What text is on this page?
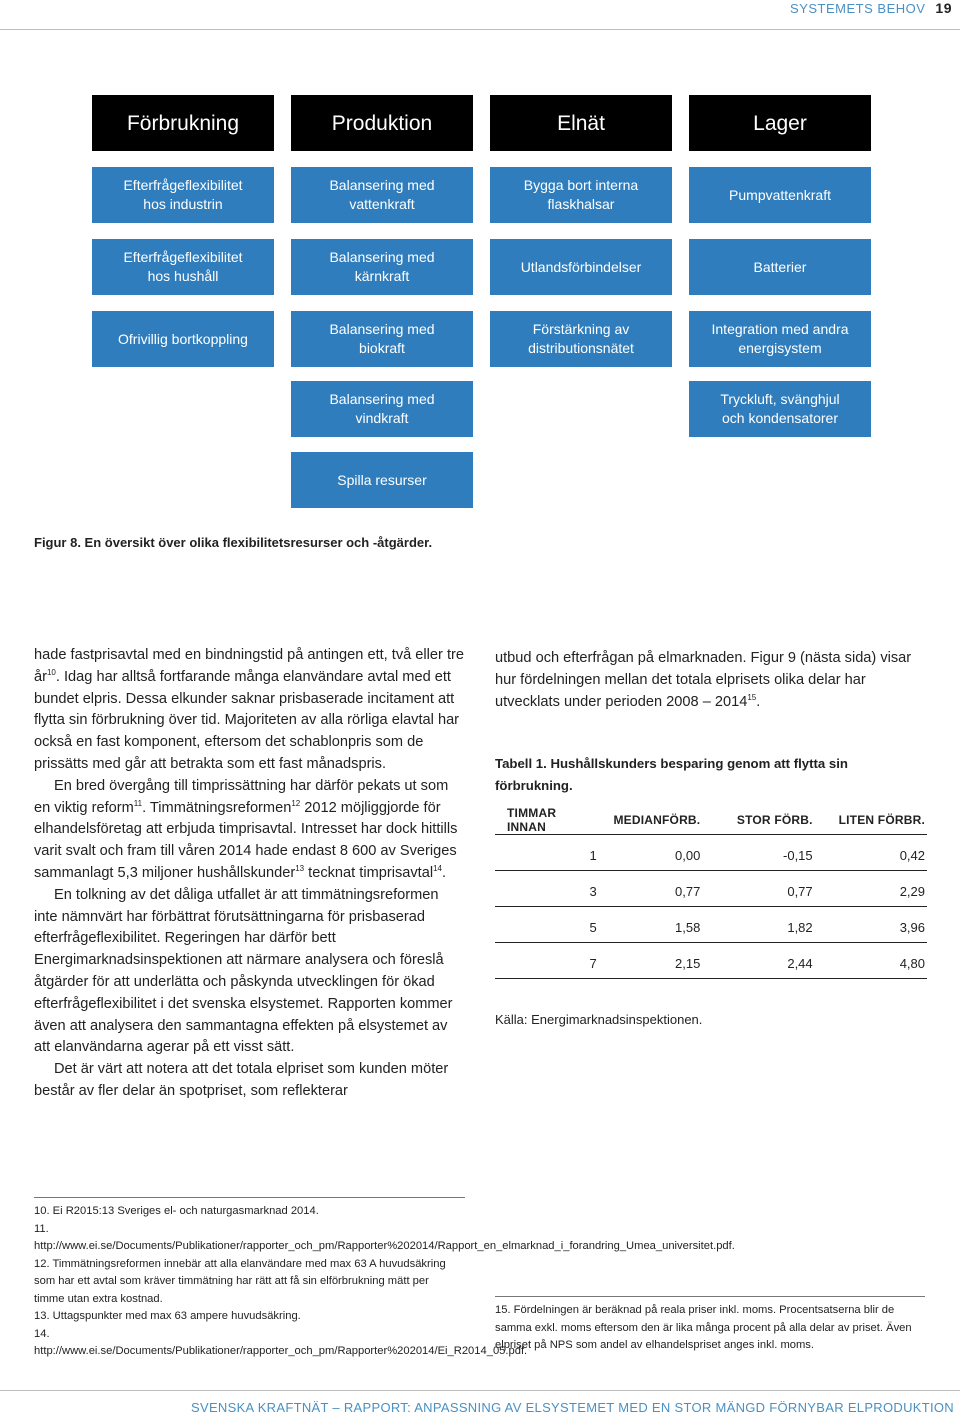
SYSTEMETS BEHOV 19
Förbrukning	Produktion	Elnät	Lager
Efterfrågeflexibilitet
hos industrin
Efterfrågeflexibilitet
hos hushåll
Ofrivillig bortkoppling
Balansering med
vattenkraft
Balansering med
kärnkraft
Balansering med
biokraft
Balansering med
vindkraft
Spilla resurser
Bygga bort interna
flaskhalsar
Utlandsförbindelser
Förstärkning av
distributionsnätet
Pumpvattenkraft
Batterier
Integration med andra
energisystem
Tryckluft, svänghjul
och kondensatorer
Figur 8. En översikt över olika flexibilitetsresurser och -åtgärder.

hade fastprisavtal med en bindningstid på antingen ett, två eller tre $år^{10}$. Idag har alltså fortfarande många elanvändare avtal med ett bundet elpris. Dessa elkunder saknar prisbaserade incitament att flytta sin förbrukning över tid. Majoriteten av alla rörliga elavtal har också en fast komponent, eftersom det schablonpris som de prissätts med går att betrakta som ett fast månadspris.

En bred övergång till timprissättning har därför pekats ut som en viktig reform$^{11}$. Timmätningsreformen$^{12}$ 2012 möjliggjorde för elhandelsföretag att erbjuda timprisavtal. Intresset har dock hittills varit svalt och fram till våren 2014 hade endast 8 600 av Sveriges sammanlagt 5,3 miljoner hushållskunder$^{13}$ tecknat timprisavtal$^{14}$.

En tolkning av det dåliga utfallet är att timmätningsreformen inte nämnvärt har förbättrat förutsättningarna för prisbaserad efterfrågeflexibilitet. Regeringen har därför bett Energimarknadsinspektionen att närmare analysera och föreslå åtgärder för att underlätta och påskynda utvecklingen för ökad efterfrågeflexibilitet i det svenska elsystemet. Rapporten kommer även att analysera den sammantagna effekten på elsystemet av att elanvändarna agerar på ett visst sätt.

Det är värt att notera att det totala elpriset som kunden möter består av fler delar än spotpriset, som reflekterar

utbud och efterfrågan på elmarknaden. Figur 9 (nästa sida) visar hur fördelningen mellan det totala elprisets olika delar har utvecklats under perioden 2008 – 2014$^{15}$.

Tabell 1. Hushållskunders besparing genom att flytta sin förbrukning.
TIMMAR INNAN	MEDIANFÖRB.	STOR FÖRB.	LITEN FÖRBR.
1	0,00	-0,15	0,42
3	0,77	0,77	2,29
5	1,58	1,82	3,96
7	2,15	2,44	4,80
Källa: Energimarknadsinspektionen.

10. Ei R2015:13 Sveriges el- och naturgasmarknad 2014.

11. http://www.ei.se/Documents/Publikationer/rapporter_och_pm/Rapporter%202014/Rapport_en_elmarknad_i_forandring_Umea_universitet.pdf.

12. Timmätningsreformen innebär att alla elanvändare med max 63 A huvudsäkring som har ett avtal som kräver timmätning har rätt att få sin elförbrukning mätt per timme utan extra kostnad.

13. Uttagspunkter med max 63 ampere huvudsäkring.

14. http://www.ei.se/Documents/Publikationer/rapporter_och_pm/Rapporter%202014/Ei_R2014_05.pdf.

15. Fördelningen är beräknad på reala priser inkl. moms. Procentsatserna blir de samma exkl. moms eftersom den är lika många procent på alla delar av priset. Även elpriset på NPS som andel av elhandelspriset anges inkl. moms.

SVENSKA KRAFTNÄT – RAPPORT: ANPASSNING AV ELSYSTEMET MED EN STOR MÄNGD FÖRNYBAR ELPRODUKTION
